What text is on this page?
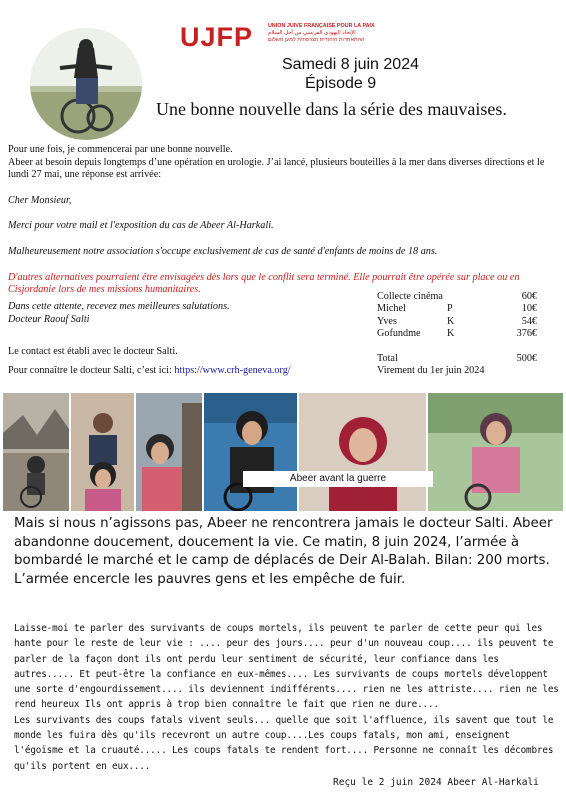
UJFP	UNION JUIVE FRANÇAISE POUR LA PAIX
الإتحاد اليهودي الفرنسي من أجل السلام
ההתאחדות היהודית הצרפתית למען השלום
Samedi 8 juin 2024
Épisode 9
Une bonne nouvelle dans la série des mauvaises.
Pour une fois, je commencerai par une bonne nouvelle.
Abeer at besoin depuis longtemps d’une opération en urologie. J’ai lancé, plusieurs bouteilles à la mer dans diverses directions et le lundi 27 mai, une réponse est arrivée:
Cher Monsieur,
Merci pour votre mail et l'exposition du cas de Abeer Al-Harkali.
Malheureusement notre association s'occupe exclusivement de cas de santé d'enfants de moins de 18 ans.
D'autres alternatives pourraient être envisagées dès lors que le conflit sera terminé. Elle pourrait être opérée sur place ou en Cisjordanie lors de mes missions humanitaires.
Dans cette attente, recevez mes meilleures salutations.
Docteur Raouf Salti
Le contact est établi avec le docteur Salti.
Pour connaître le docteur Salti, c’est ici: https://www.crh-geneva.org/
Collecte cinéma	60€
Michel	P	10€
Yves	K	54€
Gofundme	K	376€
Total	500€
Virement du 1er juin 2024
Abeer avant la guerre
Mais si nous n’agissons pas, Abeer ne rencontrera jamais le docteur Salti. Abeer abandonne doucement, doucement la vie. Ce matin, 8 juin 2024, l’armée à bombardé le marché et le camp de déplacés de Deir Al-Balah. Bilan: 200 morts. L’armée encercle les pauvres gens et les empêche de fuir.
Laisse-moi te parler des survivants de coups mortels, ils peuvent te parler de cette peur qui les hante pour le reste de leur vie : .... peur des jours.... peur d'un nouveau coup.... ils peuvent te parler de la façon dont ils ont perdu leur sentiment de sécurité, leur confiance dans les autres..... Et peut-être la confiance en eux-mêmes.... Les survivants de coups mortels développent une sorte d'engourdissement.... ils deviennent indifférents.... rien ne les attriste.... rien ne les rend heureux Ils ont appris à trop bien connaître le fait que rien ne dure....
Les survivants des coups fatals vivent seuls... quelle que soit l'affluence, ils savent que tout le monde les fuira dès qu'ils recevront un autre coup....Les coups fatals, mon ami, enseignent l'égoïsme et la cruauté..... Les coups fatals te rendent fort.... Personne ne connaît les décombres qu'ils portent en eux....
Reçu le 2 juin 2024 Abeer Al-Harkali
